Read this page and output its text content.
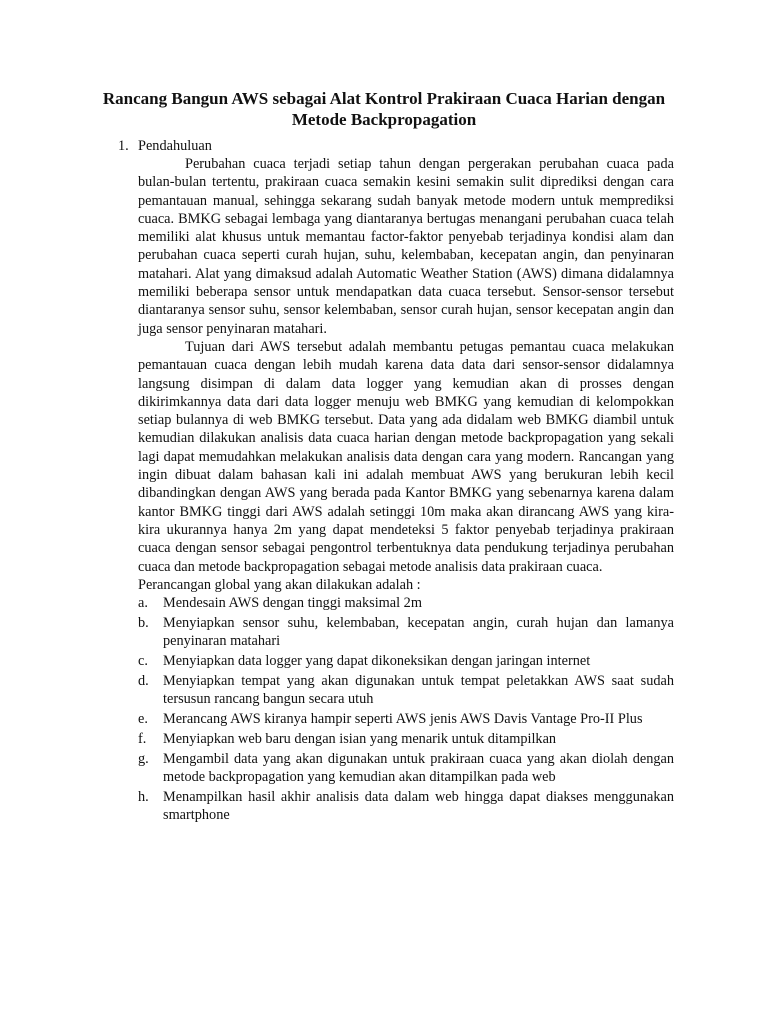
Rancang Bangun AWS sebagai Alat Kontrol Prakiraan Cuaca Harian dengan Metode Backpropagation
1. Pendahuluan

Perubahan cuaca terjadi setiap tahun dengan pergerakan perubahan cuaca pada bulan-bulan tertentu, prakiraan cuaca semakin kesini semakin sulit diprediksi dengan cara pemantauan manual, sehingga sekarang sudah banyak metode modern untuk memprediksi cuaca. BMKG sebagai lembaga yang diantaranya bertugas menangani perubahan cuaca telah memiliki alat khusus untuk memantau factor-faktor penyebab terjadinya kondisi alam dan perubahan cuaca seperti curah hujan, suhu, kelembaban, kecepatan angin, dan penyinaran matahari. Alat yang dimaksud adalah Automatic Weather Station (AWS) dimana didalamnya memiliki beberapa sensor untuk mendapatkan data cuaca tersebut. Sensor-sensor tersebut diantaranya sensor suhu, sensor kelembaban, sensor curah hujan, sensor kecepatan angin dan juga sensor penyinaran matahari.

Tujuan dari AWS tersebut adalah membantu petugas pemantau cuaca melakukan pemantauan cuaca dengan lebih mudah karena data data dari sensor-sensor didalamnya langsung disimpan di dalam data logger yang kemudian akan di prosses dengan dikirimkannya data dari data logger menuju web BMKG yang kemudian di kelompokkan setiap bulannya di web BMKG tersebut. Data yang ada didalam web BMKG diambil untuk kemudian dilakukan analisis data cuaca harian dengan metode backpropagation yang sekali lagi dapat memudahkan melakukan analisis data dengan cara yang modern. Rancangan yang ingin dibuat dalam bahasan kali ini adalah membuat AWS yang berukuran lebih kecil dibandingkan dengan AWS yang berada pada Kantor BMKG yang sebenarnya karena dalam kantor BMKG tinggi dari AWS adalah setinggi 10m maka akan dirancang AWS yang kira-kira ukurannya hanya 2m yang dapat mendeteksi 5 faktor penyebab terjadinya prakiraan cuaca dengan sensor sebagai pengontrol terbentuknya data pendukung terjadinya perubahan cuaca dan metode backpropagation sebagai metode analisis data prakiraan cuaca.

Perancangan global yang akan dilakukan adalah :

a.	Mendesain AWS dengan tinggi maksimal 2m
b. Menyiapkan sensor suhu, kelembaban, kecepatan angin, curah hujan dan lamanya penyinaran matahari
c.	Menyiapkan data logger yang dapat dikoneksikan dengan jaringan internet
d. Menyiapkan tempat yang akan digunakan untuk tempat peletakkan AWS saat sudah tersusun rancang bangun secara utuh
e.	Merancang AWS kiranya hampir seperti AWS jenis AWS Davis Vantage Pro-II Plus
f.	Menyiapkan web baru dengan isian yang menarik untuk ditampilkan
g. Mengambil data yang akan digunakan untuk prakiraan cuaca yang akan diolah dengan metode backpropagation yang kemudian akan ditampilkan pada web
h. Menampilkan hasil akhir analisis data dalam web hingga dapat diakses menggunakan smartphone
